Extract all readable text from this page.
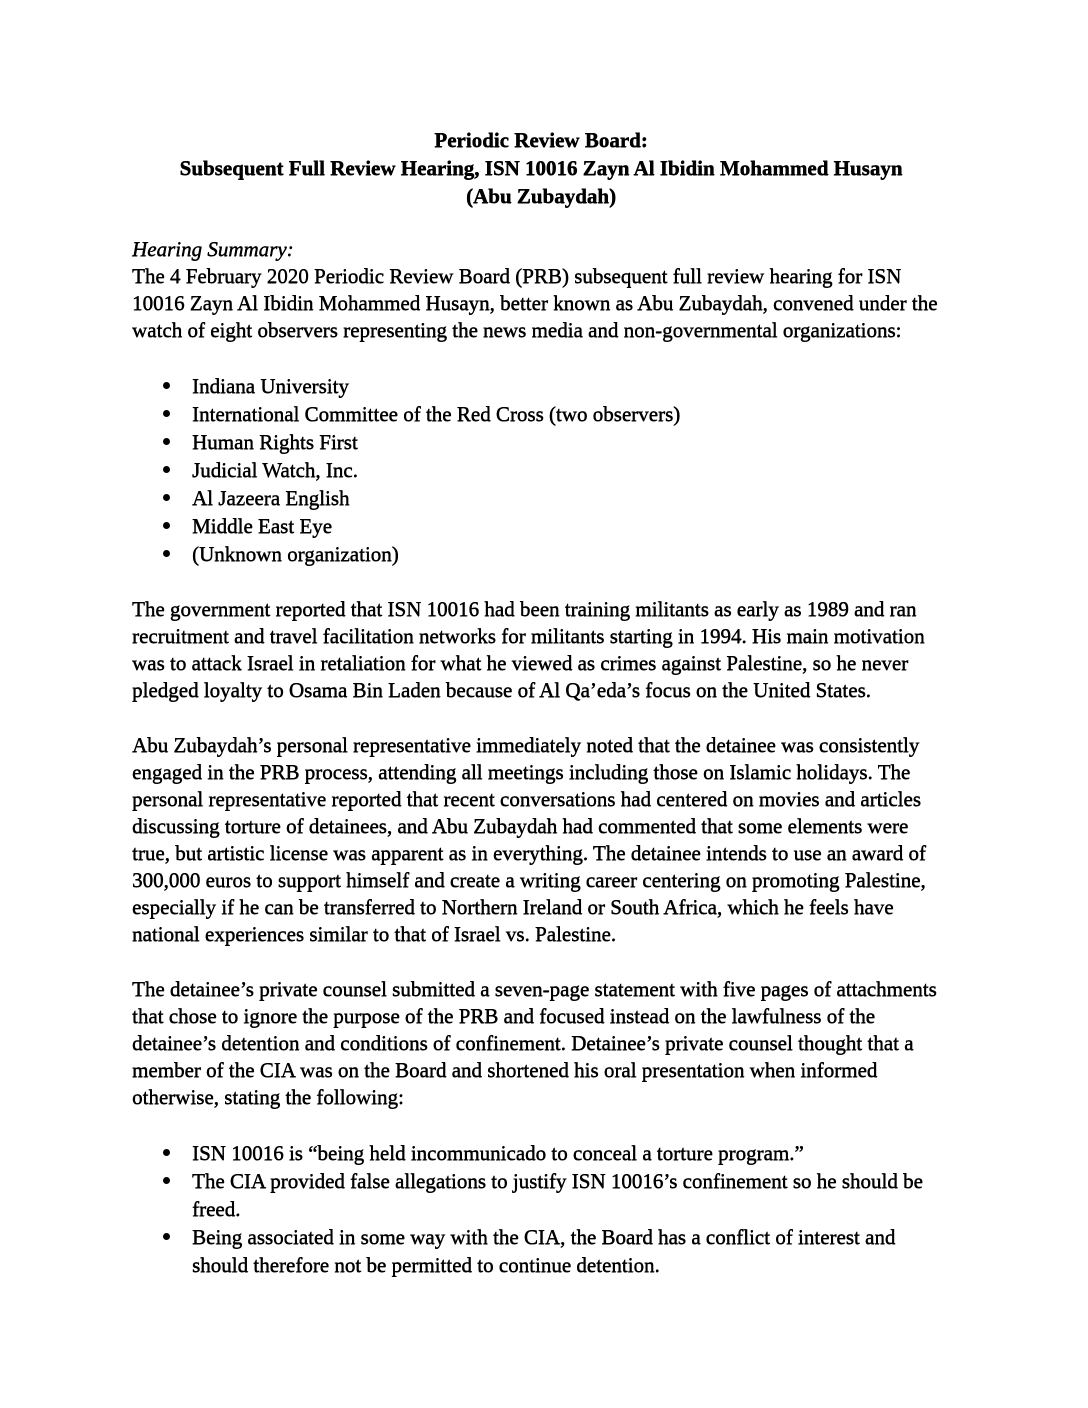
Periodic Review Board:
Subsequent Full Review Hearing, ISN 10016 Zayn Al Ibidin Mohammed Husayn
(Abu Zubaydah)
Hearing Summary:

The 4 February 2020 Periodic Review Board (PRB) subsequent full review hearing for ISN 10016 Zayn Al Ibidin Mohammed Husayn, better known as Abu Zubaydah, convened under the watch of eight observers representing the news media and non-governmental organizations:

Indiana University
International Committee of the Red Cross (two observers)
Human Rights First
Judicial Watch, Inc.
Al Jazeera English
Middle East Eye
(Unknown organization)

The government reported that ISN 10016 had been training militants as early as 1989 and ran recruitment and travel facilitation networks for militants starting in 1994. His main motivation was to attack Israel in retaliation for what he viewed as crimes against Palestine, so he never pledged loyalty to Osama Bin Laden because of Al Qa’eda’s focus on the United States.

Abu Zubaydah’s personal representative immediately noted that the detainee was consistently engaged in the PRB process, attending all meetings including those on Islamic holidays. The personal representative reported that recent conversations had centered on movies and articles discussing torture of detainees, and Abu Zubaydah had commented that some elements were true, but artistic license was apparent as in everything. The detainee intends to use an award of 300,000 euros to support himself and create a writing career centering on promoting Palestine, especially if he can be transferred to Northern Ireland or South Africa, which he feels have national experiences similar to that of Israel vs. Palestine.

The detainee’s private counsel submitted a seven-page statement with five pages of attachments that chose to ignore the purpose of the PRB and focused instead on the lawfulness of the detainee’s detention and conditions of confinement. Detainee’s private counsel thought that a member of the CIA was on the Board and shortened his oral presentation when informed otherwise, stating the following:

ISN 10016 is “being held incommunicado to conceal a torture program.”
The CIA provided false allegations to justify ISN 10016’s confinement so he should be freed.
Being associated in some way with the CIA, the Board has a conflict of interest and should therefore not be permitted to continue detention.
